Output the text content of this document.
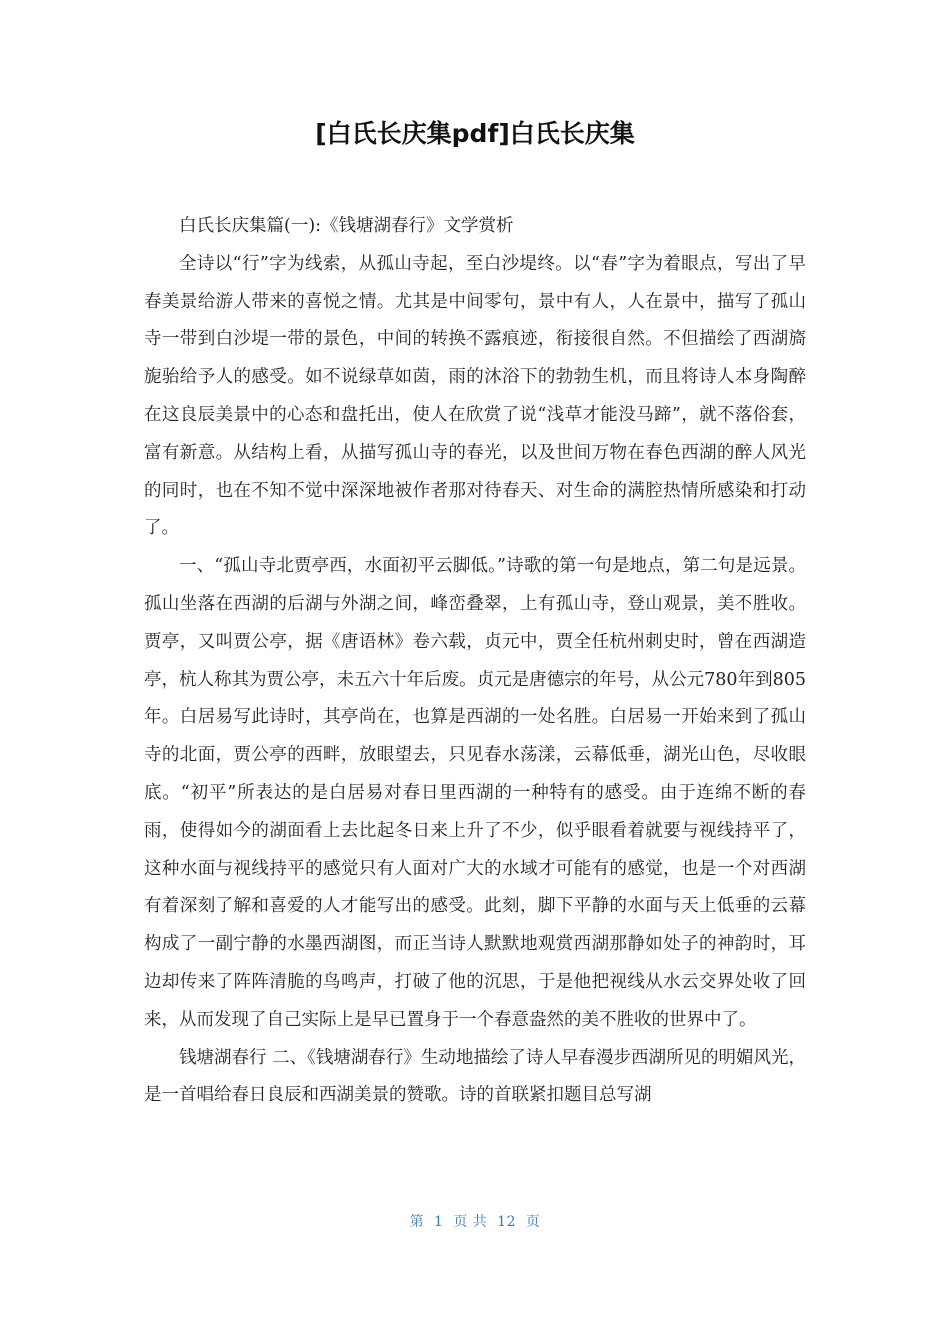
[白氏长庆集pdf]白氏长庆集

白氏长庆集篇(一):《钱塘湖春行》文学赏析

全诗以“行”字为线索，从孤山寺起，至白沙堤终。以“春”字为着眼点，写出了早春美景给游人带来的喜悦之情。尤其是中间零句，景中有人，人在景中，描写了孤山寺一带到白沙堤一带的景色，中间的转换不露痕迹，衔接很自然。不但描绘了西湖旖旎骀给予人的感受。如不说绿草如茵，雨的沐浴下的勃勃生机，而且将诗人本身陶醉在这良辰美景中的心态和盘托出，使人在欣赏了说“浅草才能没马蹄”，就不落俗套，富有新意。从结构上看，从描写孤山寺的春光，以及世间万物在春色西湖的醉人风光的同时，也在不知不觉中深深地被作者那对待春天、对生命的满腔热情所感染和打动了。

一、“孤山寺北贾亭西，水面初平云脚低。”诗歌的第一句是地点，第二句是远景。孤山坐落在西湖的后湖与外湖之间，峰峦叠翠，上有孤山寺，登山观景，美不胜收。贾亭，又叫贾公亭，据《唐语林》卷六载，贞元中，贾全任杭州刺史时，曾在西湖造亭，杭人称其为贾公亭，未五六十年后废。贞元是唐德宗的年号，从公元780年到805年。白居易写此诗时，其亭尚在，也算是西湖的一处名胜。白居易一开始来到了孤山寺的北面，贾公亭的西畔，放眼望去，只见春水荡漾，云幕低垂，湖光山色，尽收眼底。“初平”所表达的是白居易对春日里西湖的一种特有的感受。由于连绵不断的春雨，使得如今的湖面看上去比起冬日来上升了不少，似乎眼看着就要与视线持平了，这种水面与视线持平的感觉只有人面对广大的水域才可能有的感觉，也是一个对西湖有着深刻了解和喜爱的人才能写出的感受。此刻，脚下平静的水面与天上低垂的云幕构成了一副宁静的水墨西湖图，而正当诗人默默地观赏西湖那静如处子的神韵时，耳边却传来了阵阵清脆的鸟鸣声，打破了他的沉思，于是他把视线从水云交界处收了回来，从而发现了自己实际上是早已置身于一个春意盎然的美不胜收的世界中了。

钱塘湖春行 二、《钱塘湖春行》生动地描绘了诗人早春漫步西湖所见的明媚风光，是一首唱给春日良辰和西湖美景的赞歌。诗的首联紧扣题目总写湖

第  1  页 共  12  页
